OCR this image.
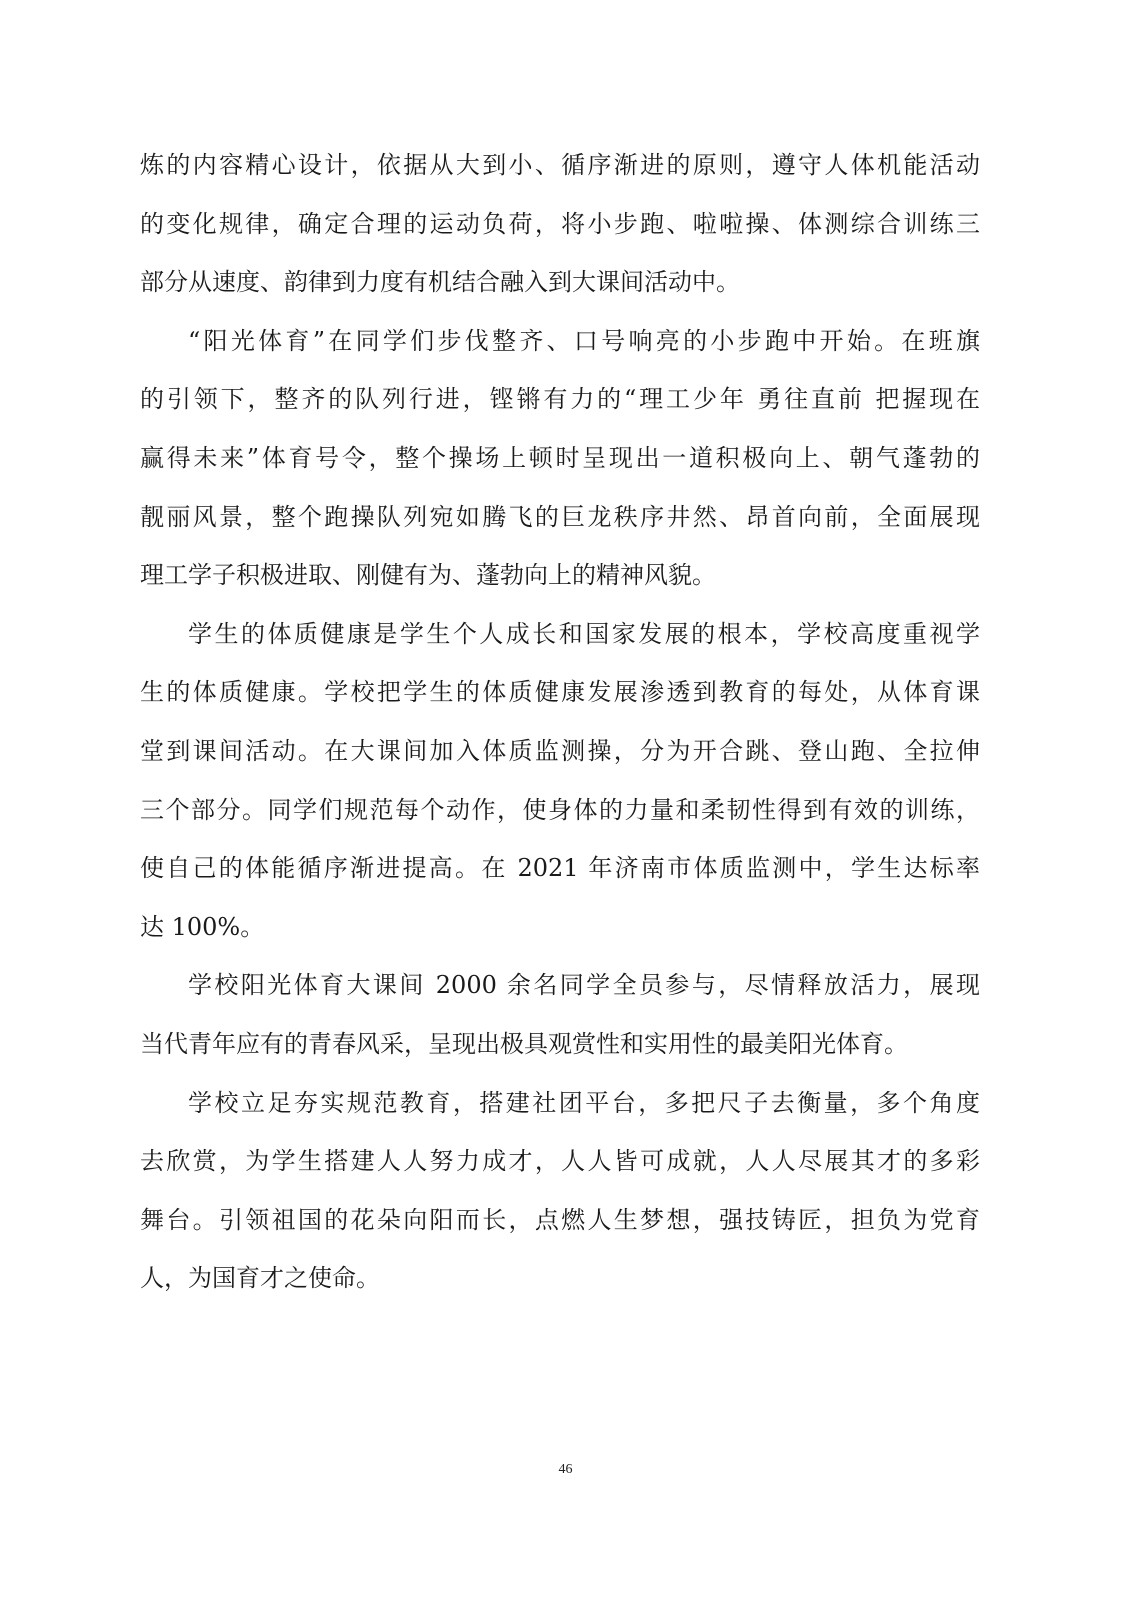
炼的内容精心设计，依据从大到小、循序渐进的原则，遵守人体机能活动
的变化规律，确定合理的运动负荷，将小步跑、啦啦操、体测综合训练三
部分从速度、韵律到力度有机结合融入到大课间活动中。
“阳光体育”在同学们步伐整齐、口号响亮的小步跑中开始。在班旗
的引领下，整齐的队列行进，铿锵有力的“理工少年 勇往直前 把握现在
赢得未来”体育号令，整个操场上顿时呈现出一道积极向上、朝气蓬勃的
靓丽风景，整个跑操队列宛如腾飞的巨龙秩序井然、昂首向前，全面展现
理工学子积极进取、刚健有为、蓬勃向上的精神风貌。
学生的体质健康是学生个人成长和国家发展的根本，学校高度重视学
生的体质健康。学校把学生的体质健康发展渗透到教育的每处，从体育课
堂到课间活动。在大课间加入体质监测操，分为开合跳、登山跑、全拉伸
三个部分。同学们规范每个动作，使身体的力量和柔韧性得到有效的训练，
使自己的体能循序渐进提高。在 2021 年济南市体质监测中，学生达标率
达 100%。
学校阳光体育大课间 2000 余名同学全员参与，尽情释放活力，展现
当代青年应有的青春风采，呈现出极具观赏性和实用性的最美阳光体育。
学校立足夯实规范教育，搭建社团平台，多把尺子去衡量，多个角度
去欣赏，为学生搭建人人努力成才，人人皆可成就，人人尽展其才的多彩
舞台。引领祖国的花朵向阳而长，点燃人生梦想，强技铸匠，担负为党育
人，为国育才之使命。
46
